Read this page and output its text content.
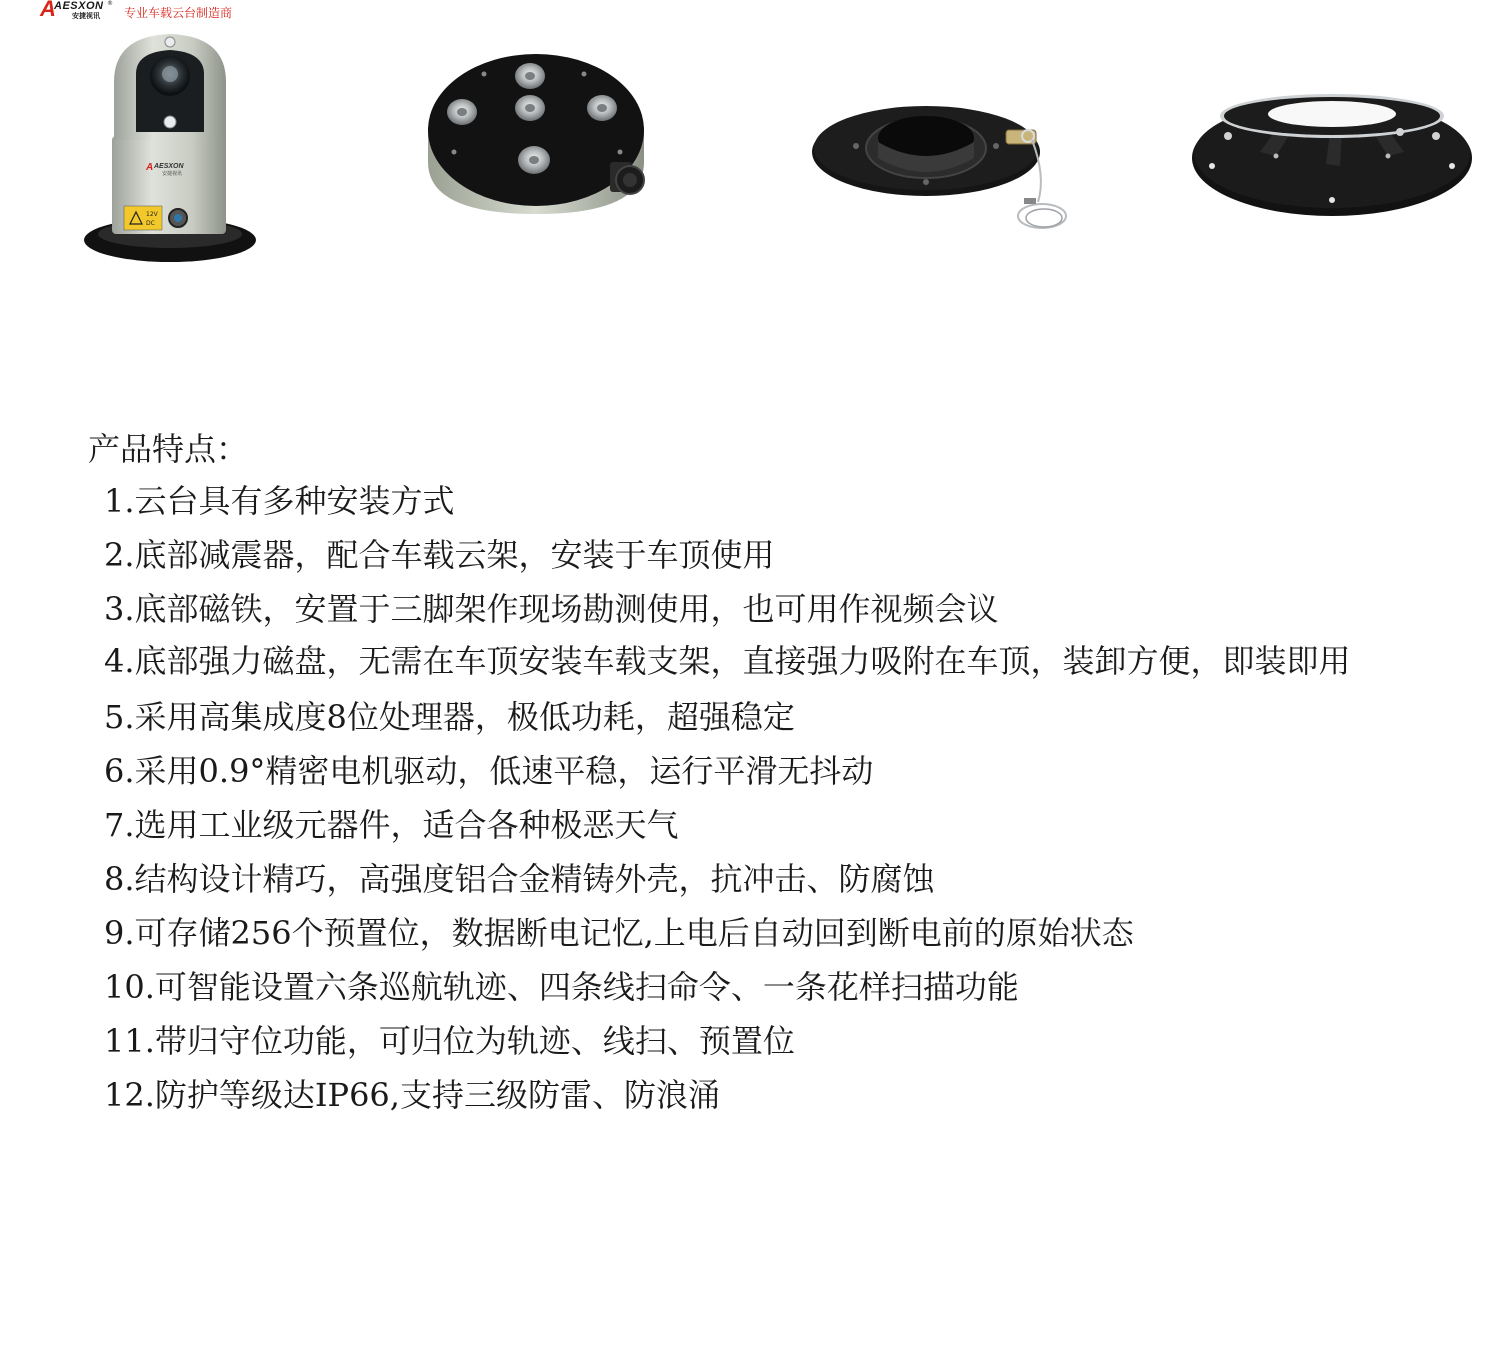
A
AESXON
安捷视讯
®
专业车载云台制造商
A AESXON
安捷视讯
12V
DC
产品特点：
1.云台具有多种安装方式
2.底部减震器，配合车载云架，安装于车顶使用
3.底部磁铁，安置于三脚架作现场勘测使用，也可用作视频会议
4.底部强力磁盘，无需在车顶安装车载支架，直接强力吸附在车顶，装卸方便，即装即用
5.采用高集成度8位处理器，极低功耗，超强稳定
6.采用0.9°精密电机驱动，低速平稳，运行平滑无抖动
7.选用工业级元器件，适合各种极恶天气
8.结构设计精巧，高强度铝合金精铸外壳，抗冲击、防腐蚀
9.可存储256个预置位，数据断电记忆,上电后自动回到断电前的原始状态
10.可智能设置六条巡航轨迹、四条线扫命令、一条花样扫描功能
11.带归守位功能，可归位为轨迹、线扫、预置位
12.防护等级达IP66,支持三级防雷、防浪涌
